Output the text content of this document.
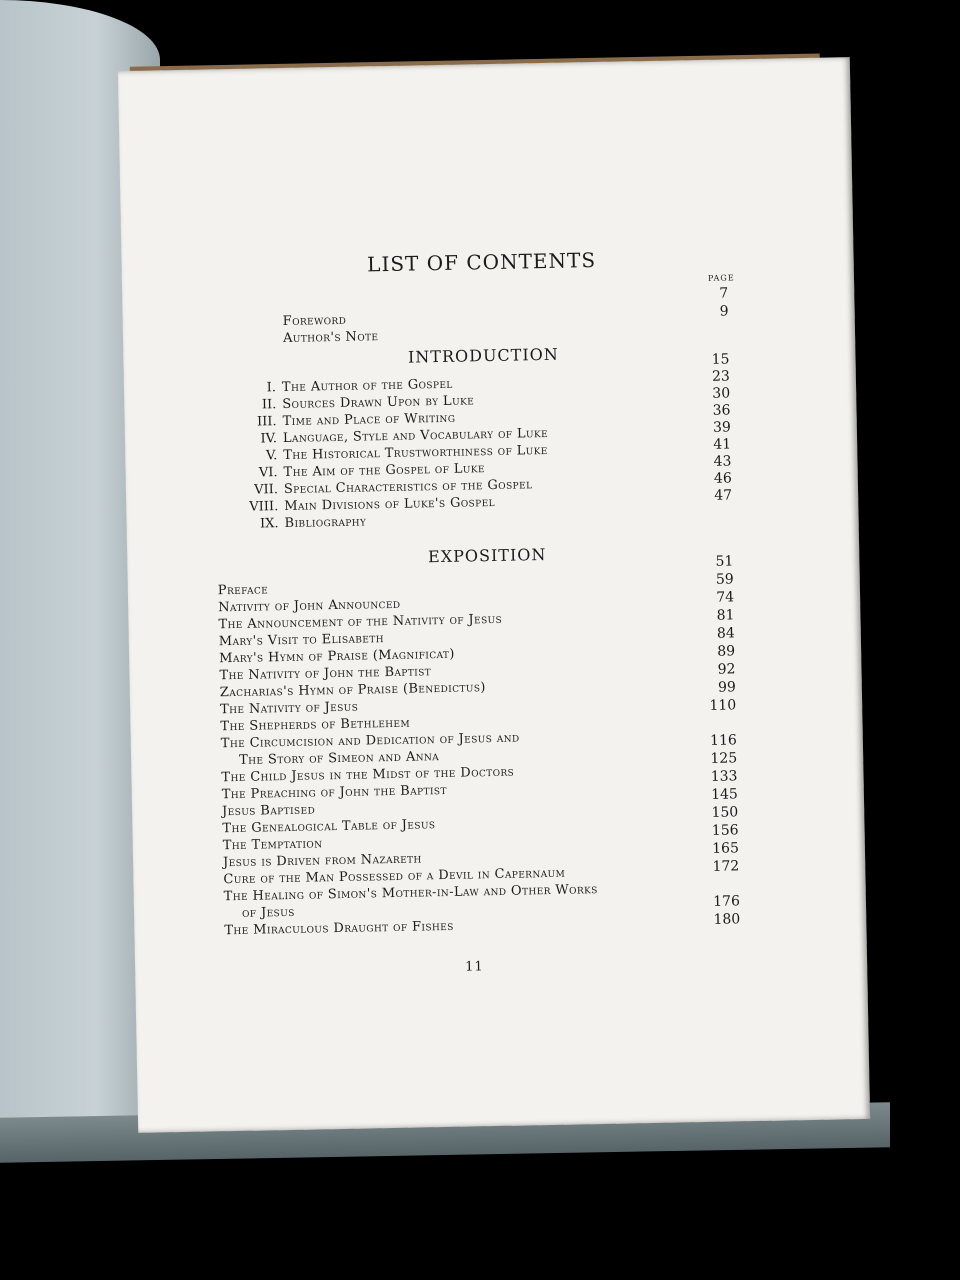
LIST OF CONTENTS
PAGE
Foreword
7
Author's Note
9
INTRODUCTION
I. The Author of the Gospel
II. Sources Drawn Upon by Luke
III. Time and Place of Writing
IV. Language, Style and Vocabulary of Luke
V. The Historical Trustworthiness of Luke
VI. The Aim of the Gospel of Luke
VII. Special Characteristics of the Gospel
VIII. Main Divisions of Luke's Gospel
IX. Bibliography
15
23
30
36
39
41
43
46
47
EXPOSITION
Preface
Nativity of John Announced
The Announcement of the Nativity of Jesus
Mary's Visit to Elisabeth
Mary's Hymn of Praise (Magnificat)
The Nativity of John the Baptist
Zacharias's Hymn of Praise (Benedictus)
The Nativity of Jesus
The Shepherds of Bethlehem
The Circumcision and Dedication of Jesus and
The Story of Simeon and Anna
The Child Jesus in the Midst of the Doctors
The Preaching of John the Baptist
Jesus Baptised
The Genealogical Table of Jesus
The Temptation
Jesus is Driven from Nazareth
Cure of the Man Possessed of a Devil in Capernaum
The Healing of Simon's Mother-in-Law and Other Works
of Jesus
The Miraculous Draught of Fishes
51
59
74
81
84
89
92
99
110
116
125
133
145
150
156
165
172
176
180
11
